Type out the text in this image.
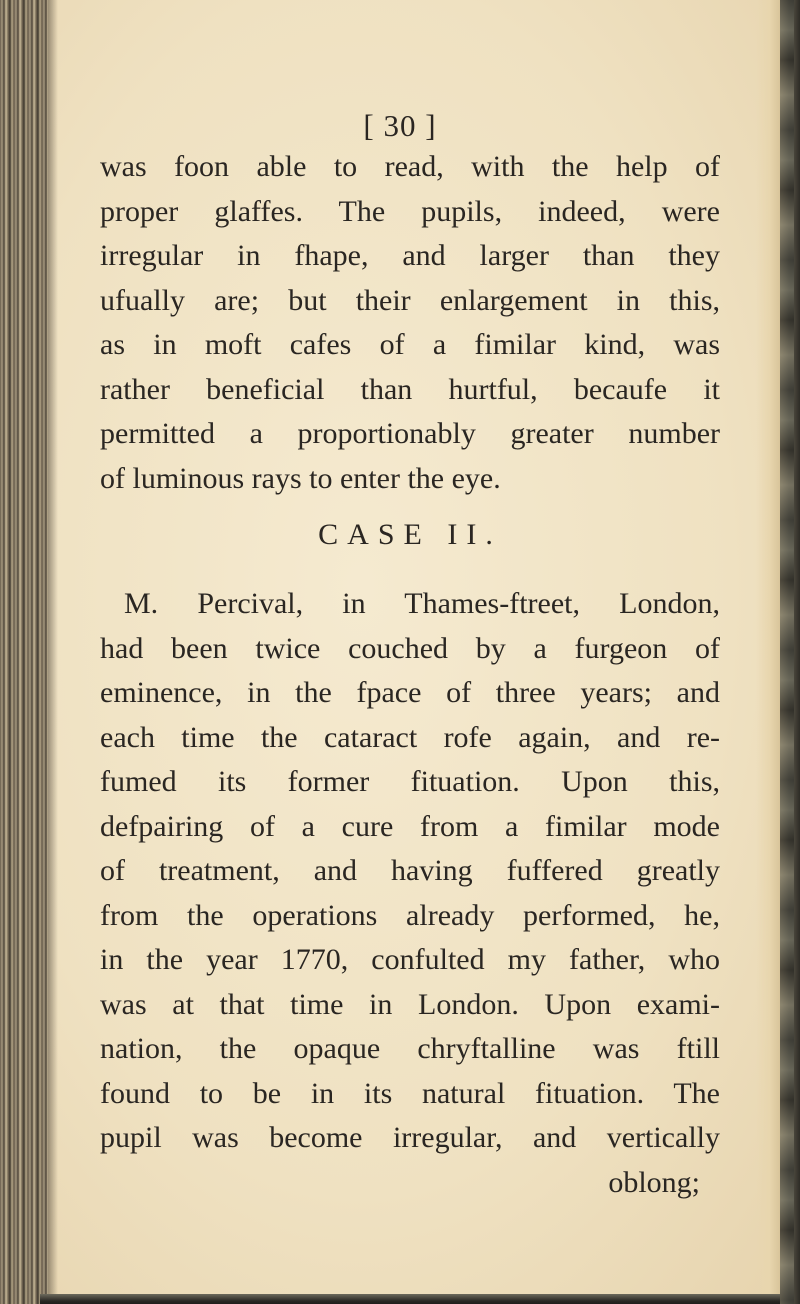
[ 30 ]
was foon able to read, with the help of
proper glaffes. The pupils, indeed, were
irregular in fhape, and larger than they
ufually are; but their enlargement in this,
as in moft cafes of a fimilar kind, was
rather beneficial than hurtful, becaufe it
permitted a proportionably greater number
of luminous rays to enter the eye.
CASE II.
M. Percival, in Thames-ftreet, London,
had been twice couched by a furgeon of
eminence, in the fpace of three years; and
each time the cataract rofe again, and re-
fumed its former fituation. Upon this,
defpairing of a cure from a fimilar mode
of treatment, and having fuffered greatly
from the operations already performed, he,
in the year 1770, confulted my father, who
was at that time in London. Upon exami-
nation, the opaque chryftalline was ftill
found to be in its natural fituation. The
pupil was become irregular, and vertically
oblong;
